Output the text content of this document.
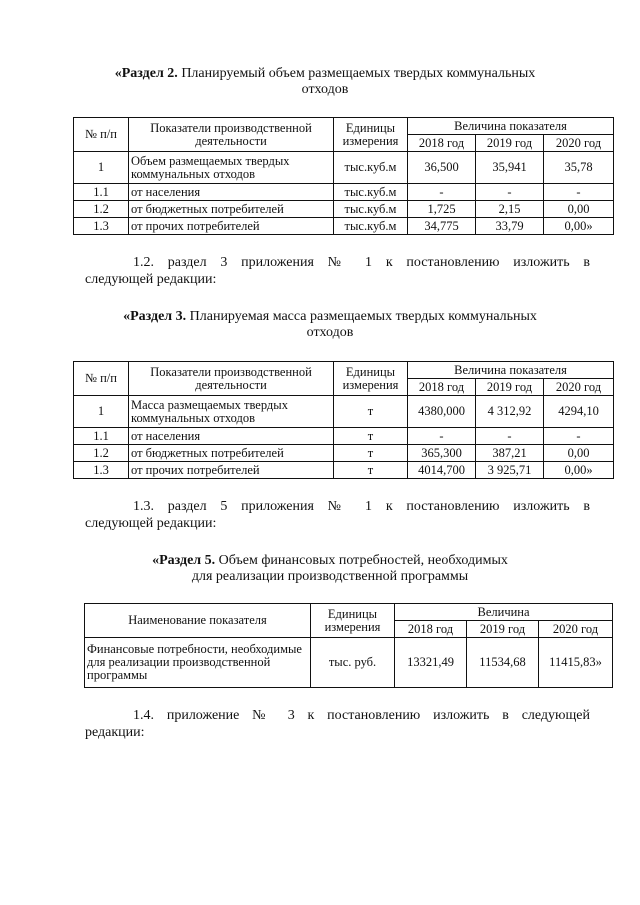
«Раздел 2. Планируемый объем размещаемых твердых коммунальных
отходов
№ п/п	Показатели производственной деятельности	Единицы измерения	Величина показателя		
			2018 год	2019 год	2020 год
1	Объем размещаемых твердых коммунальных отходов	тыс.куб.м	36,500	35,941	35,78
1.1	от населения	тыс.куб.м	-	-	-
1.2	от бюджетных потребителей	тыс.куб.м	1,725	2,15	0,00
1.3	от прочих потребителей	тыс.куб.м	34,775	33,79	0,00»
1.2. раздел 3 приложения № 1 к постановлению изложить в
следующей редакции:
«Раздел 3. Планируемая масса размещаемых твердых коммунальных
отходов
№ п/п	Показатели производственной деятельности	Единицы измерения	Величина показателя		
			2018 год	2019 год	2020 год
1	Масса размещаемых твердых коммунальных отходов	т	4380,000	4 312,92	4294,10
1.1	от населения	т	-	-	-
1.2	от бюджетных потребителей	т	365,300	387,21	0,00
1.3	от прочих потребителей	т	4014,700	3 925,71	0,00»
1.3. раздел 5 приложения № 1 к постановлению изложить в
следующей редакции:
«Раздел 5. Объем финансовых потребностей, необходимых
для реализации производственной программы
Наименование показателя	Единицы измерения	Величина		
		2018 год	2019 год	2020 год
Финансовые потребности, необходимые для реализации производственной программы	тыс. руб.	13321,49	11534,68	11415,83»
1.4. приложение № 3 к постановлению изложить в следующей
редакции:
